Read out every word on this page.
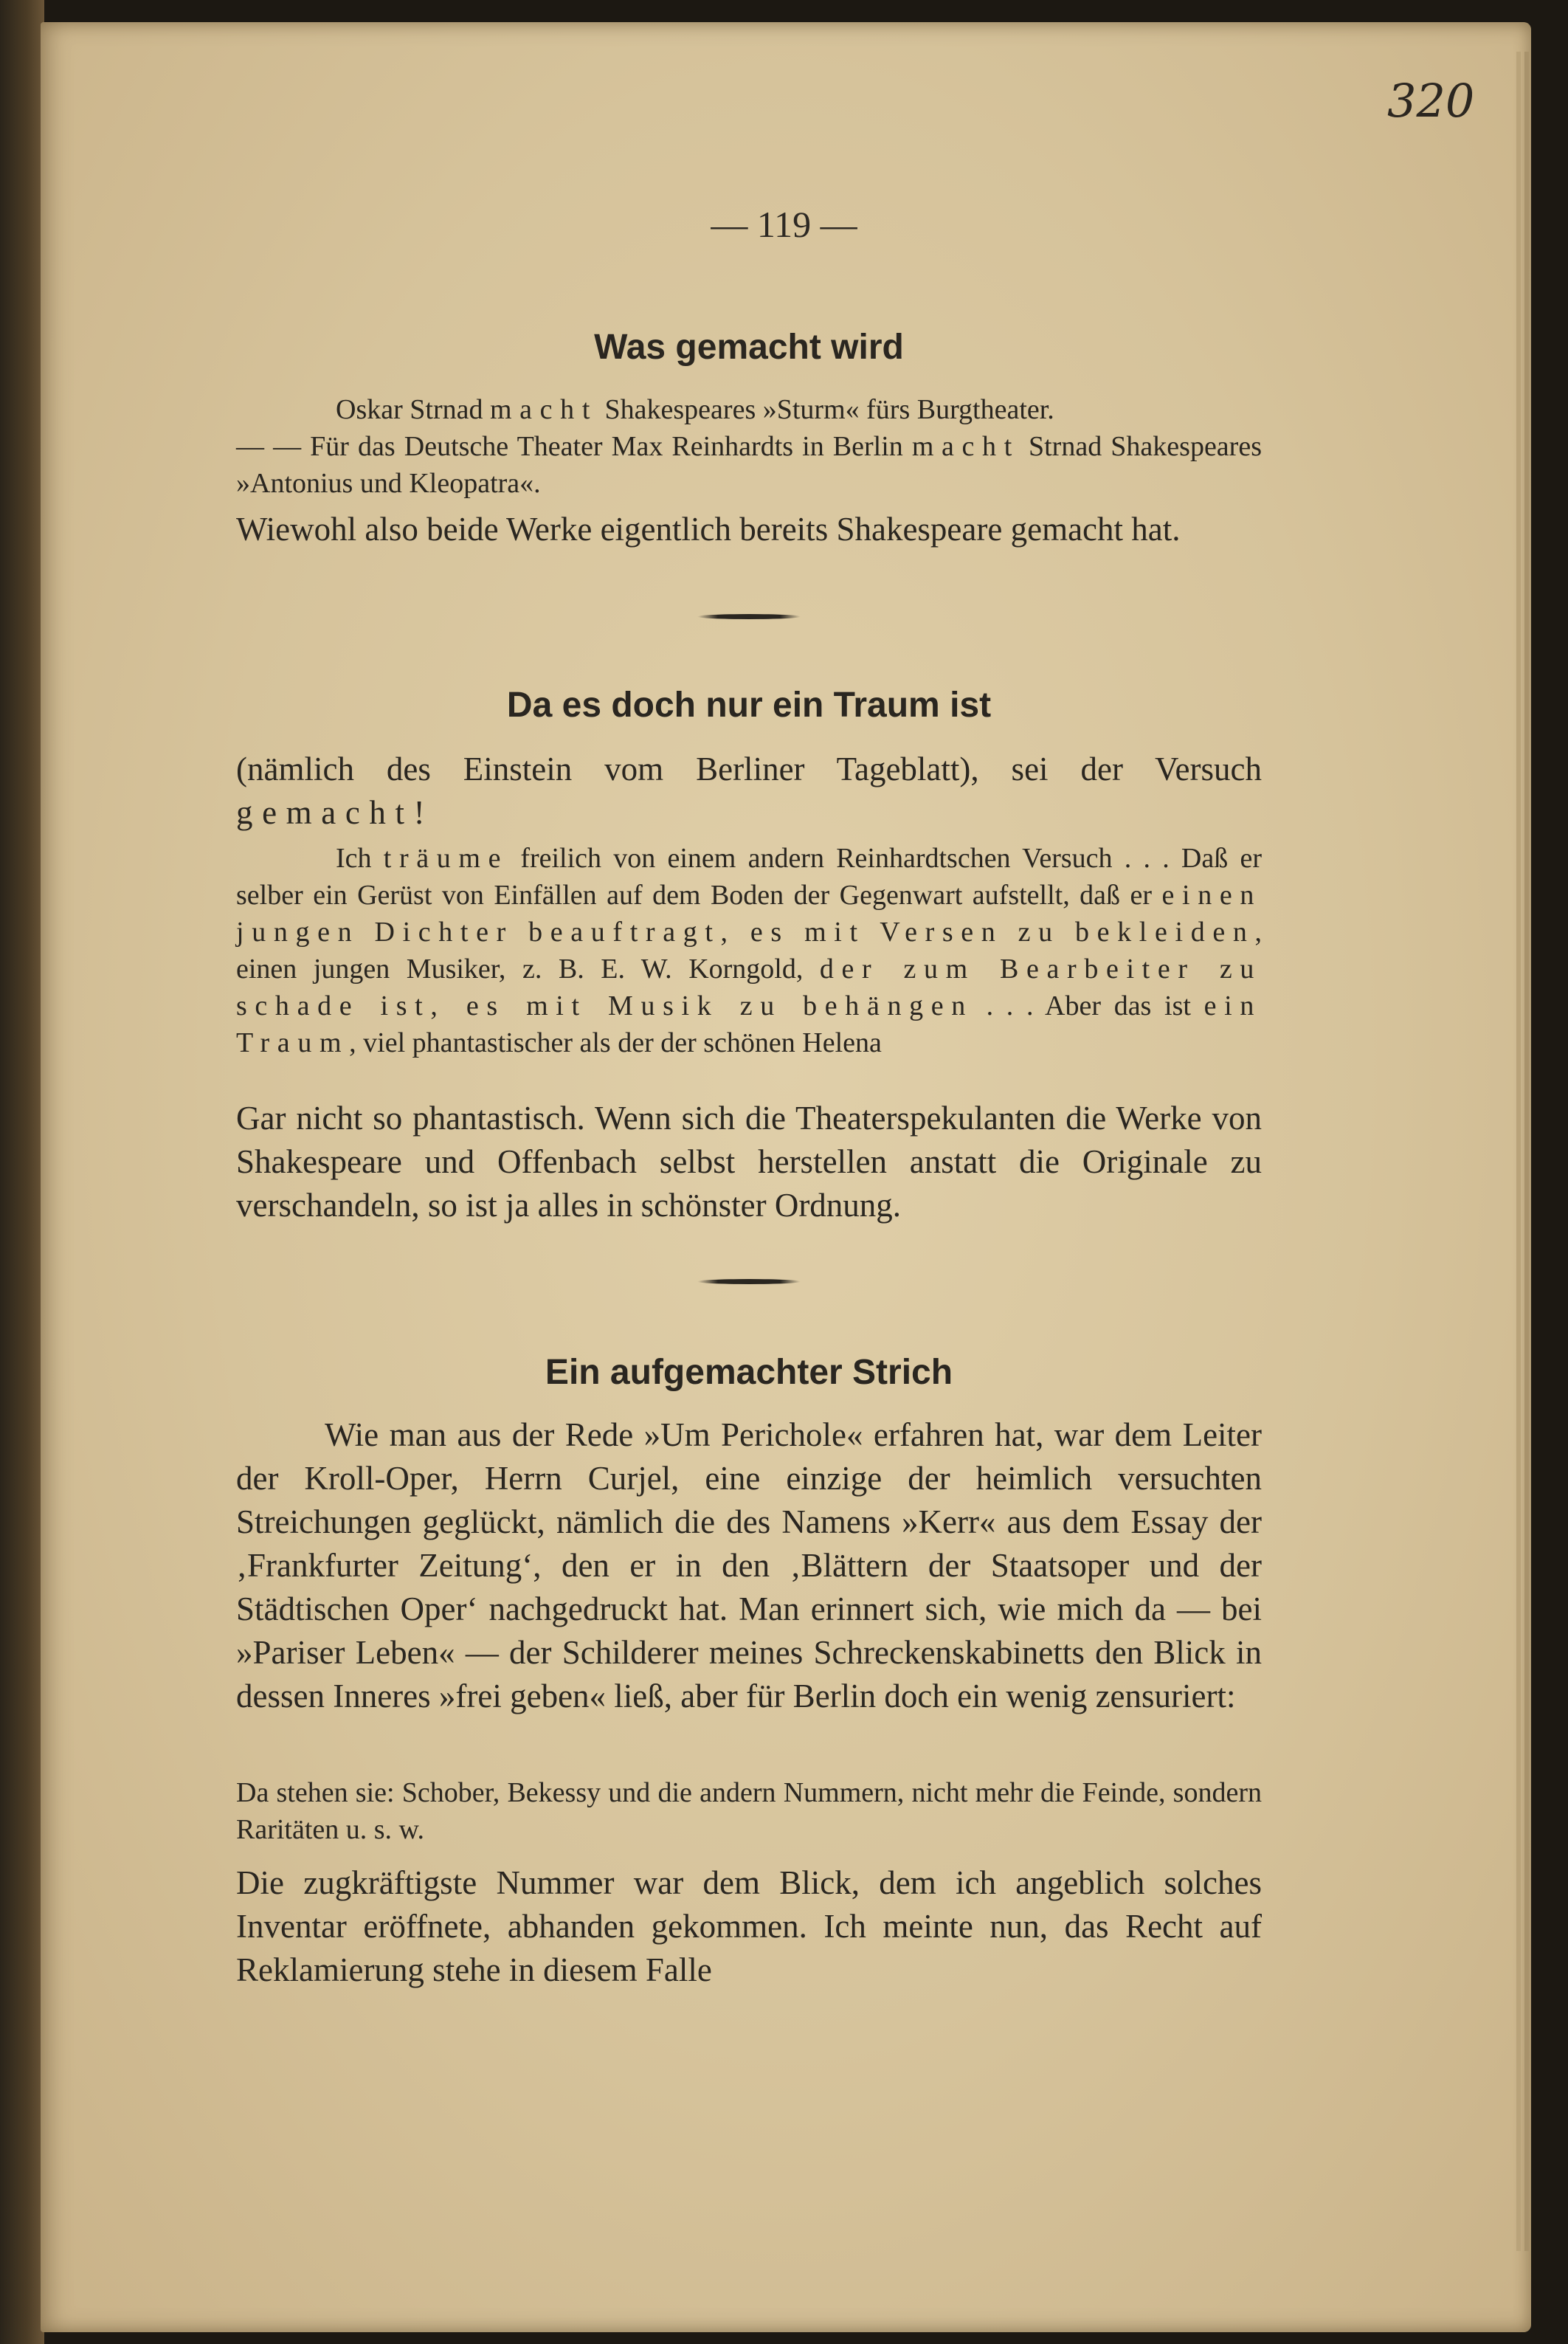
320
— 119 —
Was gemacht wird

Oskar Strnad macht Shakespeares »Sturm« fürs Burgtheater.
— — Für das Deutsche Theater Max Reinhardts in Berlin macht Strnad Shakespeares »Antonius und Kleopatra«.

Wiewohl also beide Werke eigentlich bereits Shakespeare gemacht hat.

Da es doch nur ein Traum ist

(nämlich des Einstein vom Berliner Tageblatt), sei der Versuch gemacht!

Ich träume freilich von einem andern Reinhardtschen Versuch . . . Daß er selber ein Gerüst von Einfällen auf dem Boden der Gegenwart aufstellt, daß er einen jungen Dichter beauftragt, es mit Versen zu bekleiden, einen jungen Musiker, z. B. E. W. Korngold, der zum Bearbeiter zu schade ist, es mit Musik zu behängen . . . Aber das ist ein Traum, viel phantastischer als der der schönen Helena

Gar nicht so phantastisch. Wenn sich die Theaterspekulanten die Werke von Shakespeare und Offenbach selbst herstellen anstatt die Originale zu verschandeln, so ist ja alles in schönster Ordnung.

Ein aufgemachter Strich

Wie man aus der Rede »Um Perichole« erfahren hat, war dem Leiter der Kroll-Oper, Herrn Curjel, eine einzige der heimlich versuchten Streichungen geglückt, nämlich die des Namens »Kerr« aus dem Essay der ‚Frankfurter Zeitung‘, den er in den ‚Blättern der Staatsoper und der Städtischen Oper‘ nachgedruckt hat. Man erinnert sich, wie mich da — bei »Pariser Leben« — der Schilderer meines Schreckenskabinetts den Blick in dessen Inneres »frei geben« ließ, aber für Berlin doch ein wenig zensuriert:

Da stehen sie: Schober, Bekessy und die andern Nummern, nicht mehr die Feinde, sondern Raritäten u. s. w.

Die zugkräftigste Nummer war dem Blick, dem ich angeblich solches Inventar eröffnete, abhanden gekommen. Ich meinte nun, das Recht auf Reklamierung stehe in diesem Falle
